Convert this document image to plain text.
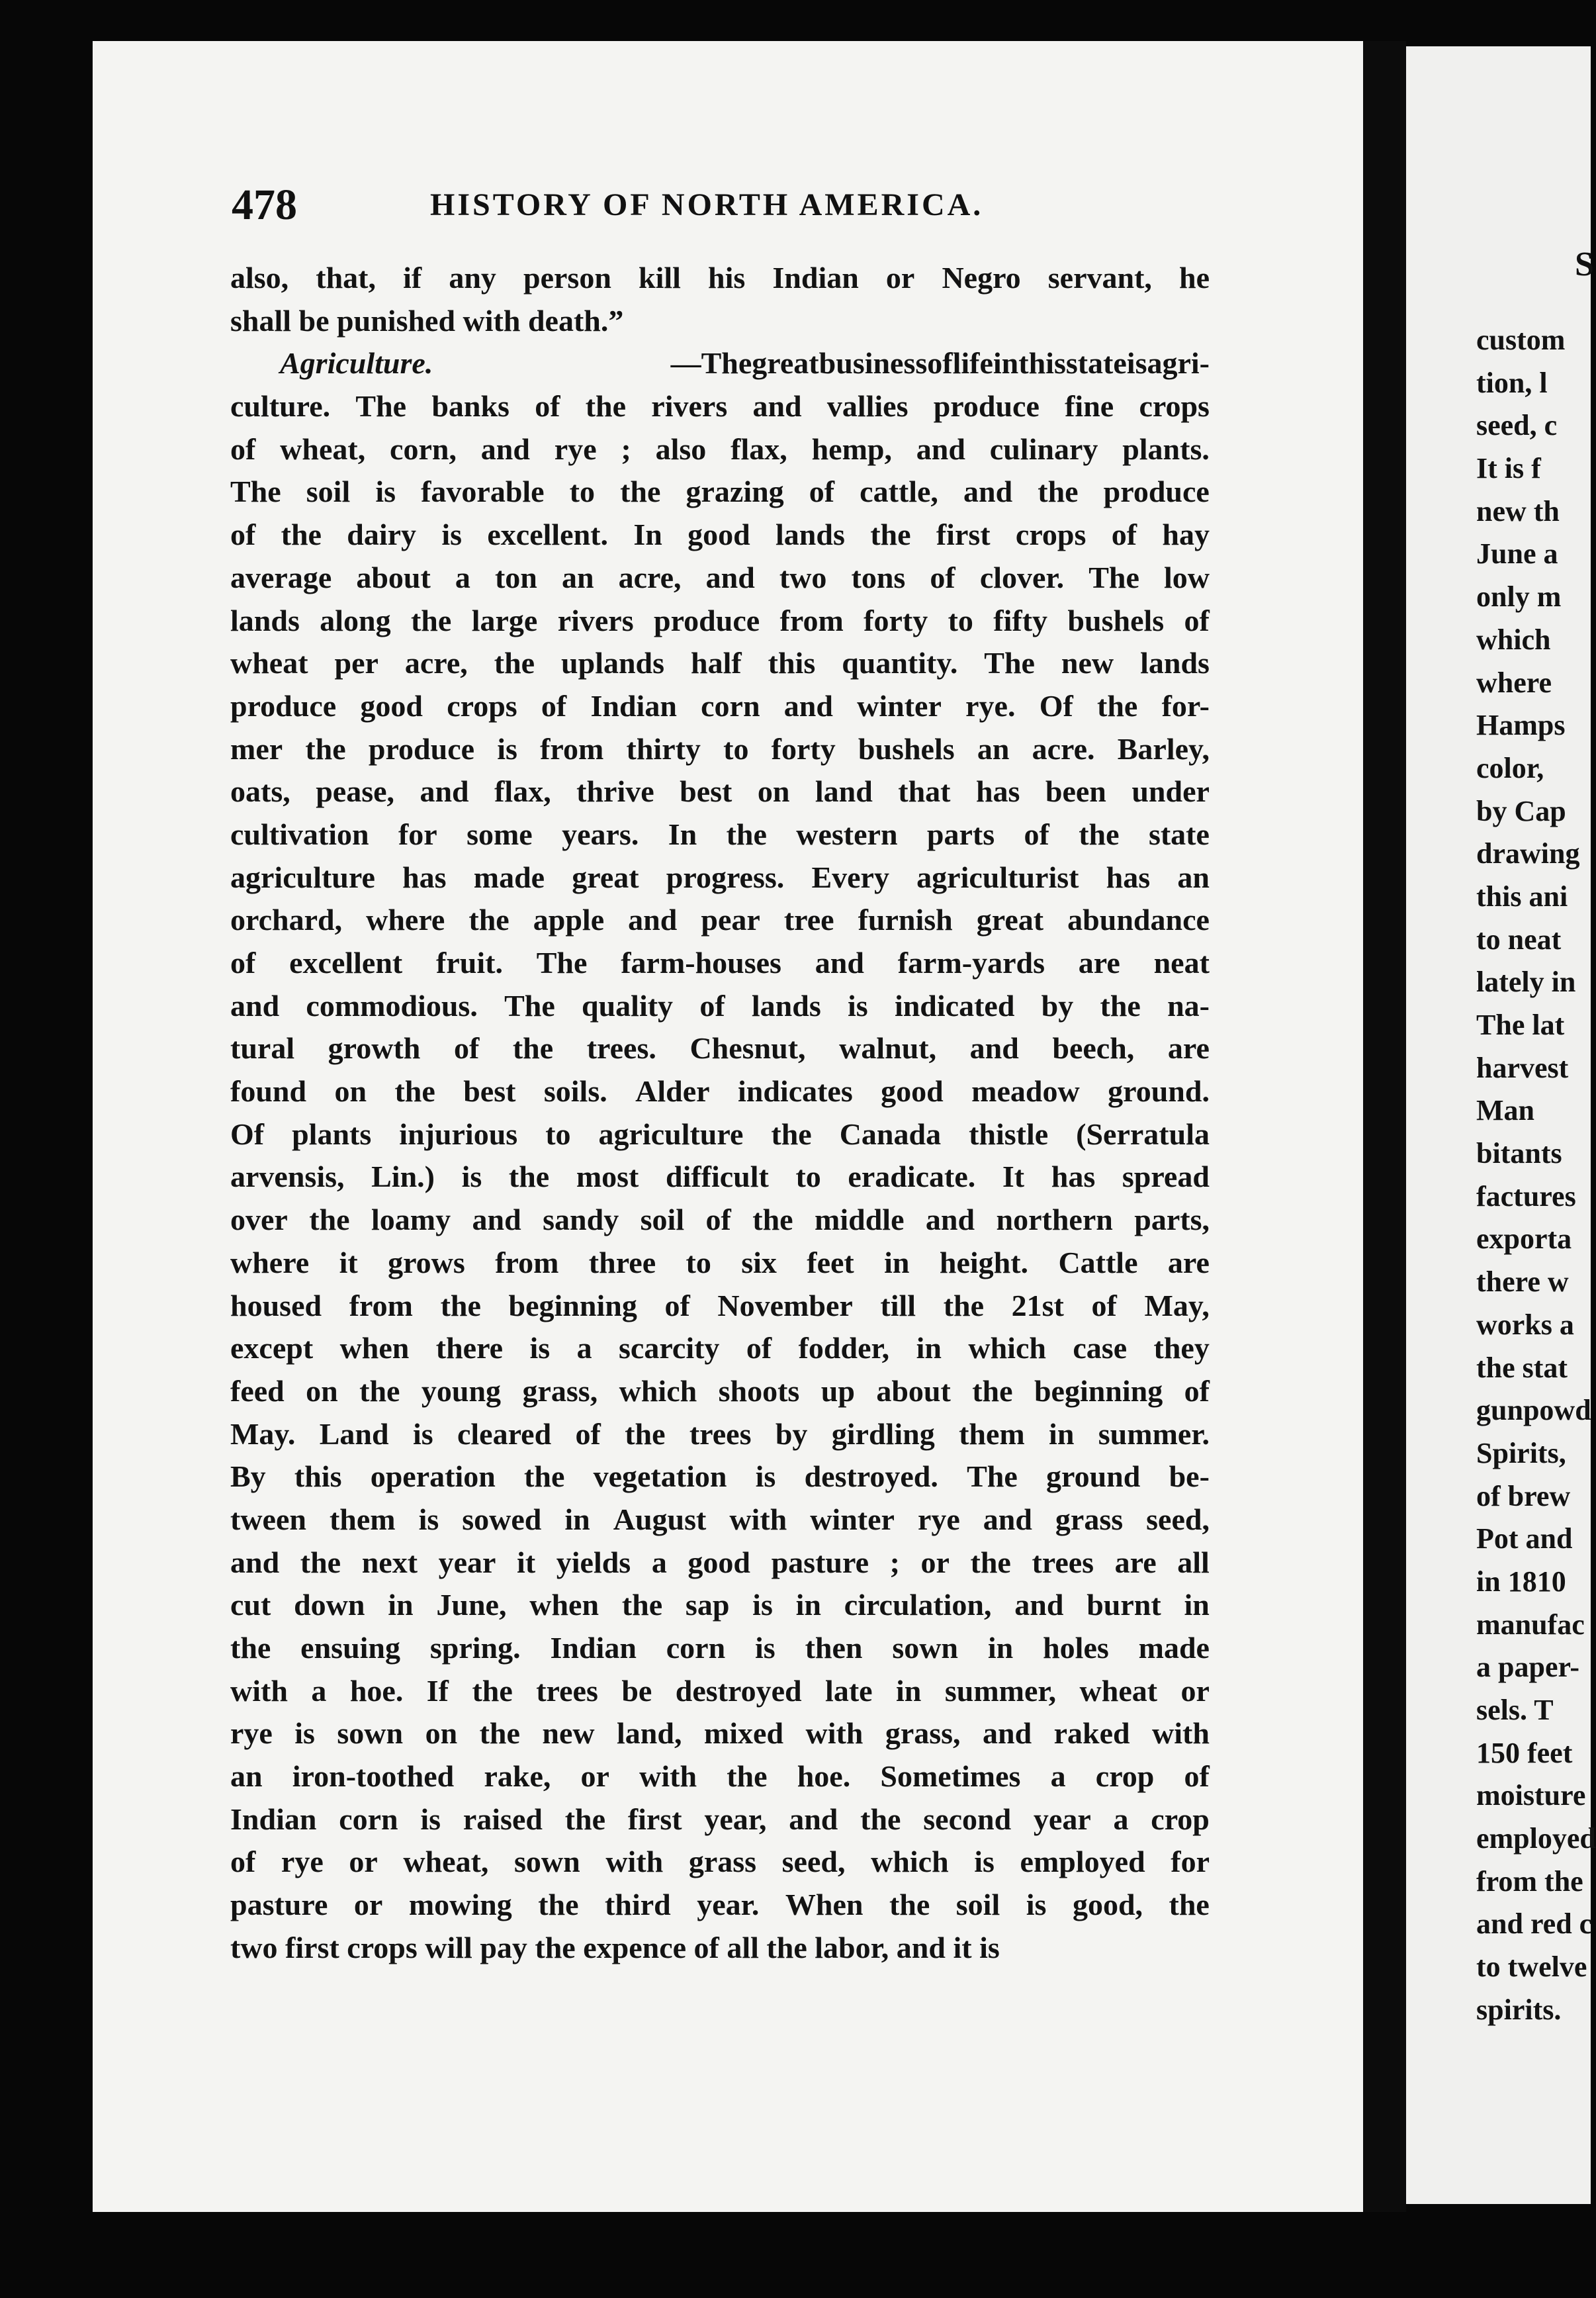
478	HISTORY OF NORTH AMERICA.
also, that, if any person kill his Indian or Negro servant, he
shall be punished with death.”
Agriculture.	—Thegreatbusinessoflifeinthisstateisagri-
culture. The banks of the rivers and vallies produce fine crops
of wheat, corn, and rye ; also flax, hemp, and culinary plants.
The soil is favorable to the grazing of cattle, and the produce
of the dairy is excellent. In good lands the first crops of hay
average about a ton an acre, and two tons of clover. The low
lands along the large rivers produce from forty to fifty bushels of
wheat per acre, the uplands half this quantity. The new lands
produce good crops of Indian corn and winter rye. Of the for-
mer the produce is from thirty to forty bushels an acre. Barley,
oats, pease, and flax, thrive best on land that has been under
cultivation for some years. In the western parts of the state
agriculture has made great progress. Every agriculturist has an
orchard, where the apple and pear tree furnish great abundance
of excellent fruit. The farm-houses and farm-yards are neat
and commodious. The quality of lands is indicated by the na-
tural growth of the trees. Chesnut, walnut, and beech, are
found on the best soils. Alder indicates good meadow ground.
Of plants injurious to agriculture the Canada thistle (Serratula
arvensis, Lin.) is the most difficult to eradicate. It has spread
over the loamy and sandy soil of the middle and northern parts,
where it grows from three to six feet in height. Cattle are
housed from the beginning of November till the 21st of May,
except when there is a scarcity of fodder, in which case they
feed on the young grass, which shoots up about the beginning of
May. Land is cleared of the trees by girdling them in summer.
By this operation the vegetation is destroyed. The ground be-
tween them is sowed in August with winter rye and grass seed,
and the next year it yields a good pasture ; or the trees are all
cut down in June, when the sap is in circulation, and burnt in
the ensuing spring. Indian corn is then sown in holes made
with a hoe. If the trees be destroyed late in summer, wheat or
rye is sown on the new land, mixed with grass, and raked with
an iron-toothed rake, or with the hoe. Sometimes a crop of
Indian corn is raised the first year, and the second year a crop
of rye or wheat, sown with grass seed, which is employed for
pasture or mowing the third year. When the soil is good, the
two first crops will pay the expence of all the labor, and it is
S
custom
tion, l
seed, c
It is f
new th
June a
only m
which
where
Hamps
color,
by Cap
drawing
this ani
to neat
lately in
The lat
harvest
Man
bitants
factures
exporta
there w
works a
the stat
gunpowd
Spirits,
of brew
Pot and
in 1810
manufac
a paper-
sels. T
150 feet
moisture
employed
from the
and red c
to twelve
spirits.
